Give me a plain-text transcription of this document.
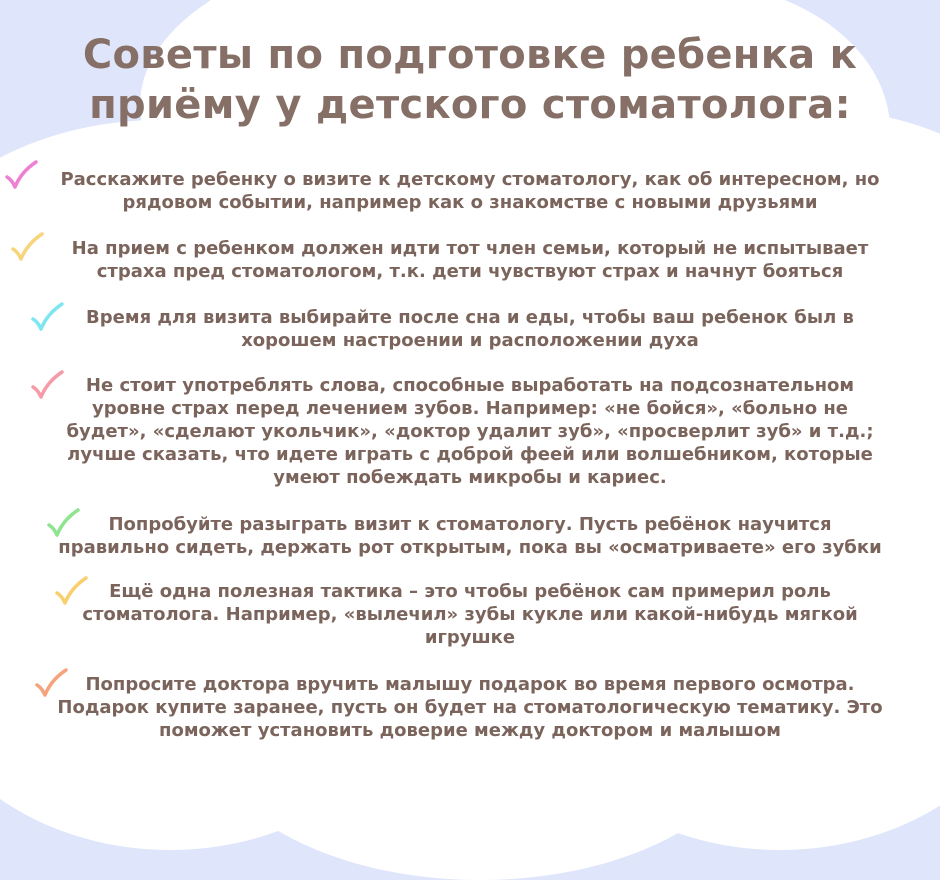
Советы по подготовке ребенка к
приёму у детского стоматолога:

Расскажите ребенку о визите к детскому стоматологу, как об интересном, но
рядовом событии, например как о знакомстве с новыми друзьями

На прием с ребенком должен идти тот член семьи, который не испытывает
страха пред стоматологом, т.к. дети чувствуют страх и начнут бояться

Время для визита выбирайте после сна и еды, чтобы ваш ребенок был в
хорошем настроении и расположении духа

Не стоит употреблять слова, способные выработать на подсознательном
уровне страх перед лечением зубов. Например: «не бойся», «больно не
будет», «сделают укольчик», «доктор удалит зуб», «просверлит зуб» и т.д.;
лучше сказать, что идете играть с доброй феей или волшебником, которые
умеют побеждать микробы и кариес.

Попробуйте разыграть визит к стоматологу. Пусть ребёнок научится
правильно сидеть, держать рот открытым, пока вы «осматриваете» его зубки

Ещё одна полезная тактика – это чтобы ребёнок сам примерил роль
стоматолога. Например, «вылечил» зубы кукле или какой-нибудь мягкой
игрушке

Попросите доктора вручить малышу подарок во время первого осмотра.
Подарок купите заранее, пусть он будет на стоматологическую тематику. Это
поможет установить доверие между доктором и малышом
